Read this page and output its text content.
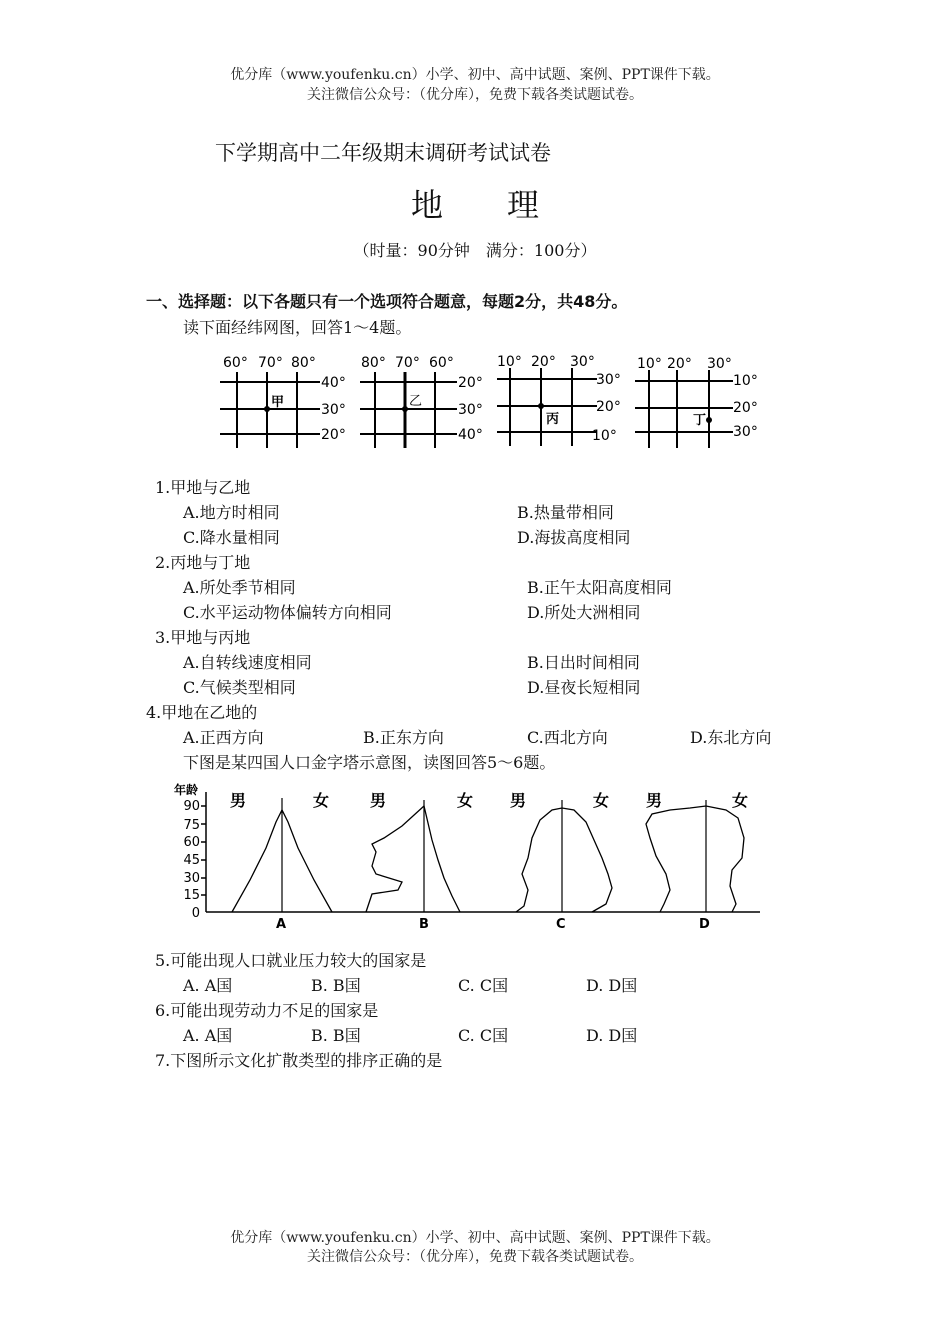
优分库（www.youfenku.cn）小学、初中、高中试题、案例、PPT课件下载。
关注微信公众号：（优分库），免费下载各类试题试卷。
下学期高中二年级期末调研考试试卷
地　　理
（时量：90分钟　满分：100分）
一、选择题：以下各题只有一个选项符合题意，每题2分，共48分。
读下面经纬网图，回答1～4题。
60° 70° 80°
40°
30°
20°
甲
80° 70° 60°
20°
30°
40°
乙
10° 20° 30°
30°
20°
10°
丙
10° 20° 30°
10°
20°
30°
丁
1.甲地与乙地
A.地方时相同	B.热量带相同
C.降水量相同	D.海拔高度相同
2.丙地与丁地
A.所处季节相同	B.正午太阳高度相同
C.水平运动物体偏转方向相同	D.所处大洲相同
3.甲地与丙地
A.自转线速度相同	B.日出时间相同
C.气候类型相同	D.昼夜长短相同
4.甲地在乙地的
A.正西方向	B.正东方向	C.西北方向	D.东北方向
下图是某四国人口金字塔示意图，读图回答5～6题。
年龄
90
75
60
45
30
15
0
男	女
A
男	女
B
男	女
C
男	女
D
5.可能出现人口就业压力较大的国家是
A. A国	B. B国	C. C国	D. D国
6.可能出现劳动力不足的国家是
A. A国	B. B国	C. C国	D. D国
7.下图所示文化扩散类型的排序正确的是
优分库（www.youfenku.cn）小学、初中、高中试题、案例、PPT课件下载。
关注微信公众号：（优分库），免费下载各类试题试卷。
